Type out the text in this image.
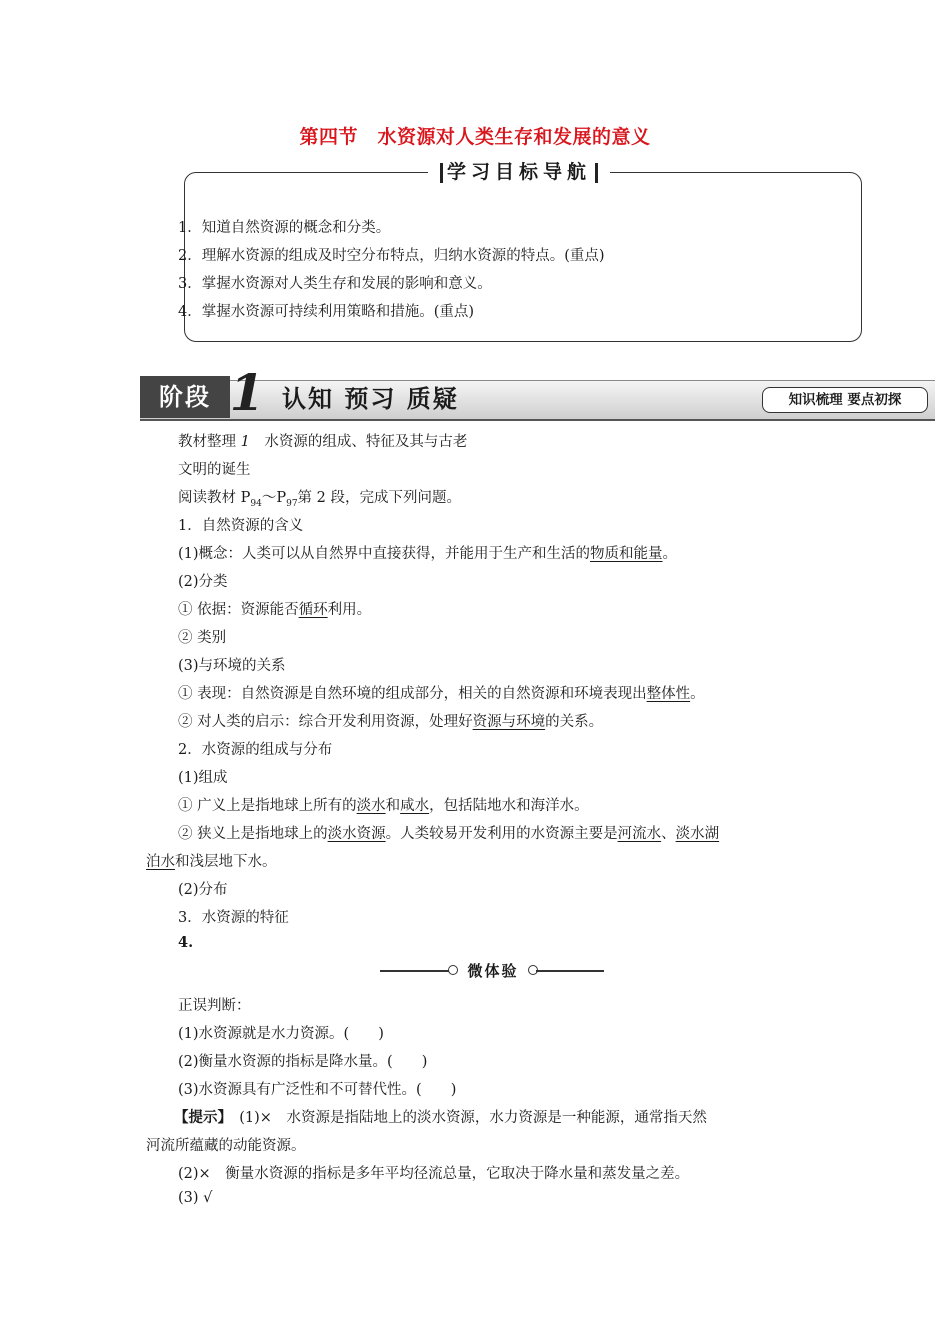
第四节　水资源对人类生存和发展的意义
学习目标导航
1．知道自然资源的概念和分类。
2．理解水资源的组成及时空分布特点，归纳水资源的特点。(重点)
3．掌握水资源对人类生存和发展的影响和意义。
4．掌握水资源可持续利用策略和措施。(重点)
阶段 1 认知 预习 质疑	知识梳理 要点初探
教材整理 1　 水资源的组成、特征及其与古老
文明的诞生
阅读教材 $P_{94}\sim P_{97}$第 2 段，完成下列问题。
1．自然资源的含义
(1)概念：人类可以从自然界中直接获得，并能用于生产和生活的物质和能量。
(2)分类
① 依据：资源能否循环利用。
② 类别
(3)与环境的关系
① 表现：自然资源是自然环境的组成部分，相关的自然资源和环境表现出整体性。
② 对人类的启示：综合开发利用资源，处理好资源与环境的关系。
2．水资源的组成与分布
(1)组成
① 广义上是指地球上所有的淡水和咸水，包括陆地水和海洋水。
② 狭义上是指地球上的淡水资源。人类较易开发利用的水资源主要是河流水、淡水湖
泊水和浅层地下水。
(2)分布
3．水资源的特征
4.
微体验
正误判断：
(1)水资源就是水力资源。(　　)
(2)衡量水资源的指标是降水量。(　　)
(3)水资源具有广泛性和不可替代性。(　　)
【提示】　(1)×　水资源是指陆地上的淡水资源，水力资源是一种能源，通常指天然
河流所蕴藏的动能资源。
(2)×　衡量水资源的指标是多年平均径流总量，它取决于降水量和蒸发量之差。
(3) √
